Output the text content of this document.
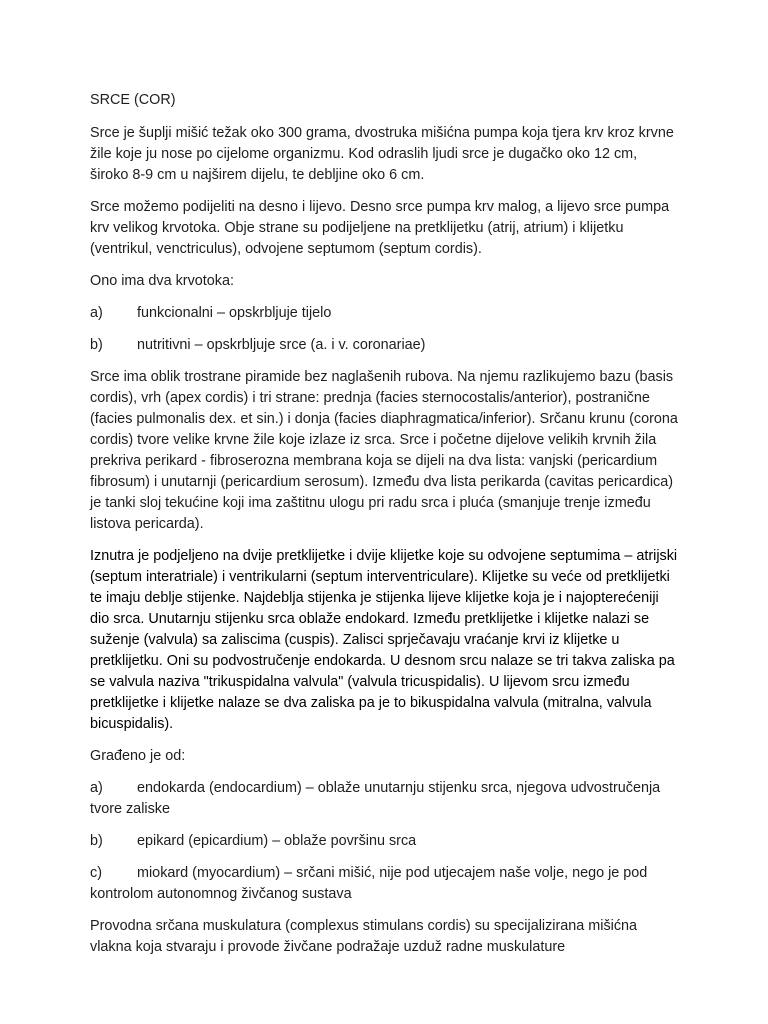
SRCE (COR)

Srce je šuplji mišić težak oko 300 grama, dvostruka mišićna pumpa koja tjera krv kroz krvne žile koje ju nose po cijelome organizmu. Kod odraslih ljudi srce je dugačko oko 12 cm, široko 8-9 cm u najširem dijelu, te debljine oko 6 cm.

Srce možemo podijeliti na desno i lijevo. Desno srce pumpa krv malog, a lijevo srce pumpa krv velikog krvotoka. Obje strane su podijeljene na pretklijetku (atrij, atrium) i klijetku (ventrikul, venctriculus), odvojene septumom (septum cordis).

Ono ima dva krvotoka:

a) funkcionalni – opskrbljuje tijelo
b) nutritivni – opskrbljuje srce (a. i v. coronariae)

Srce ima oblik trostrane piramide bez naglašenih rubova. Na njemu razlikujemo bazu (basis cordis), vrh (apex cordis) i tri strane: prednja (facies sternocostalis/anterior), postranične (facies pulmonalis dex. et sin.) i donja (facies diaphragmatica/inferior). Srčanu krunu (corona cordis) tvore velike krvne žile koje izlaze iz srca. Srce i početne dijelove velikih krvnih žila prekriva perikard - fibroserozna membrana koja se dijeli na dva lista: vanjski (pericardium fibrosum) i unutarnji (pericardium serosum). Između dva lista perikarda (cavitas pericardica) je tanki sloj tekućine koji ima zaštitnu ulogu pri radu srca i pluća (smanjuje trenje između listova pericarda).

Iznutra je podjeljeno na dvije pretklijetke i dvije klijetke koje su odvojene septumima – atrijski (septum interatriale) i ventrikularni (septum interventriculare). Klijetke su veće od pretklijetki te imaju deblje stijenke. Najdeblja stijenka je stijenka lijeve klijetke koja je i najopterećeniji dio srca. Unutarnju stijenku srca oblaže endokard. Između pretklijetke i klijetke nalazi se suženje (valvula) sa zaliscima (cuspis). Zalisci sprječavaju vraćanje krvi iz klijetke u pretklijetku. Oni su podvostručenje endokarda. U desnom srcu nalaze se tri takva zaliska pa se valvula naziva "trikuspidalna valvula" (valvula tricuspidalis). U lijevom srcu između pretklijetke i klijetke nalaze se dva zaliska pa je to bikuspidalna valvula (mitralna, valvula bicuspidalis).

Građeno je od:

a) endokarda (endocardium) – oblaže unutarnju stijenku srca, njegova udvostručenja tvore zaliske
b) epikard (epicardium) – oblaže površinu srca
c) miokard (myocardium) – srčani mišić, nije pod utjecajem naše volje, nego je pod kontrolom autonomnog živčanog sustava

Provodna srčana muskulatura (complexus stimulans cordis) su specijalizirana mišićna vlakna koja stvaraju i provode živčane podražaje uzduž radne muskulature
